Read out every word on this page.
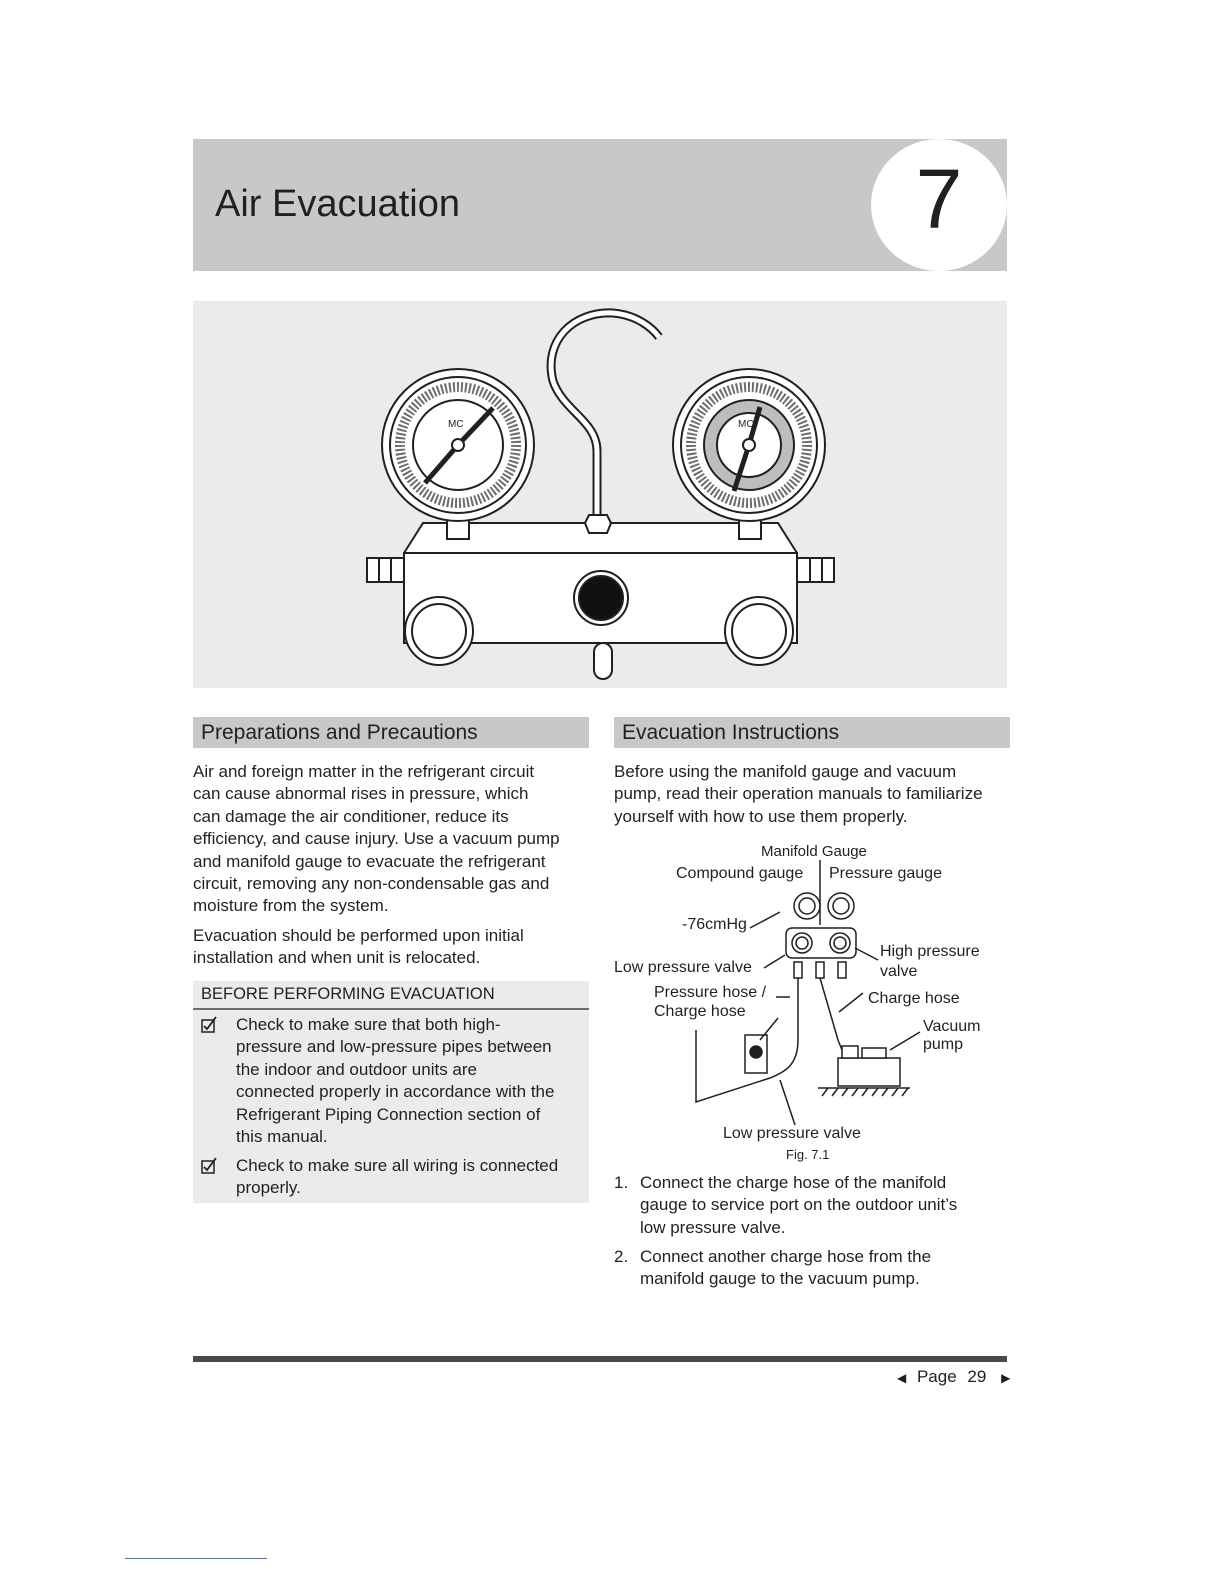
Air Evacuation	7
MC	MC
Preparations and Precautions
Air and foreign matter in the refrigerant circuit
can cause abnormal rises in pressure, which
can damage the air conditioner, reduce its
efficiency, and cause injury. Use a vacuum pump
and manifold gauge to evacuate the refrigerant
circuit, removing any non-condensable gas and
moisture from the system.
Evacuation should be performed upon initial
installation and when unit is relocated.
BEFORE PERFORMING EVACUATION
Check to make sure that both high-
pressure and low-pressure pipes between
the indoor and outdoor units are
connected properly in accordance with the
Refrigerant Piping Connection section of
this manual.
Check to make sure all wiring is connected
properly.
Evacuation Instructions
Before using the manifold gauge and vacuum
pump, read their operation manuals to familiarize
yourself with how to use them properly.
Manifold Gauge
Compound gauge Pressure gauge
-76cmHg
High pressure
valve
Low pressure valve
Pressure hose /
Charge hose
Charge hose
Vacuum
pump
Low pressure valve
Fig. 7.1
1. Connect the charge hose of the manifold
gauge to service port on the outdoor unit’s
low pressure valve.
2. Connect another charge hose from the
manifold gauge to the vacuum pump.
◀ Page 29 ▶
